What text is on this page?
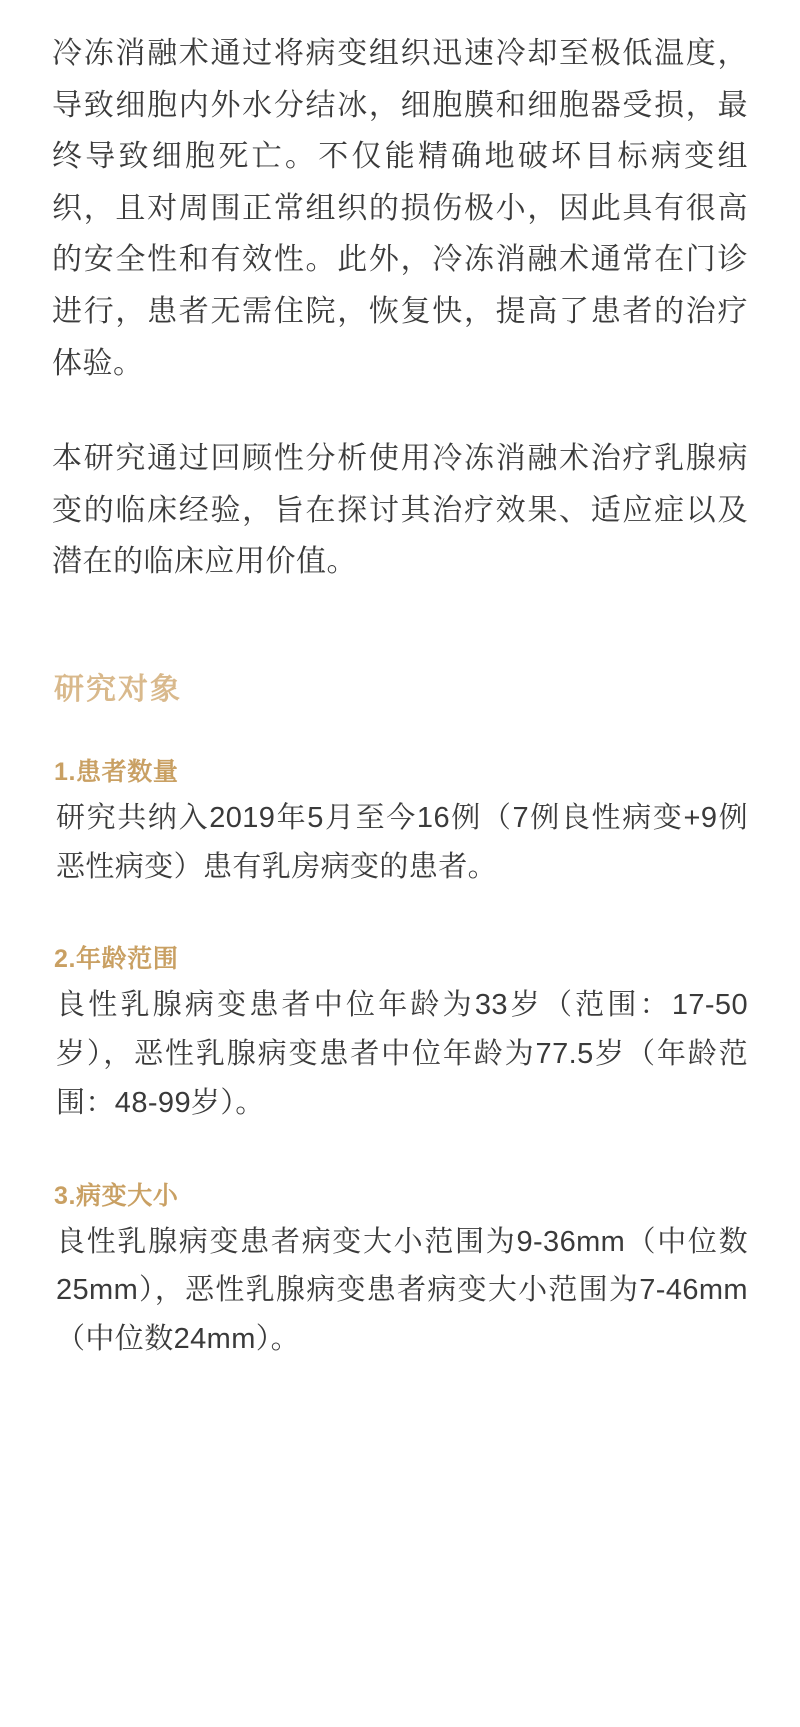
冷冻消融术通过将病变组织迅速冷却至极低温度，导致细胞内外水分结冰，细胞膜和细胞器受损，最终导致细胞死亡。不仅能精确地破坏目标病变组织，且对周围正常组织的损伤极小，因此具有很高的安全性和有效性。此外，冷冻消融术通常在门诊进行，患者无需住院，恢复快，提高了患者的治疗体验。

本研究通过回顾性分析使用冷冻消融术治疗乳腺病变的临床经验，旨在探讨其治疗效果、适应症以及潜在的临床应用价值。

研究对象
1.患者数量

研究共纳入2019年5月至今16例（7例良性病变+9例恶性病变）患有乳房病变的患者。

2.年龄范围

良性乳腺病变患者中位年龄为33岁（范围：17-50岁），恶性乳腺病变患者中位年龄为77.5岁（年龄范围：48-99岁）。

3.病变大小

良性乳腺病变患者病变大小范围为9-36mm（中位数25mm），恶性乳腺病变患者病变大小范围为7-46mm（中位数24mm）。
